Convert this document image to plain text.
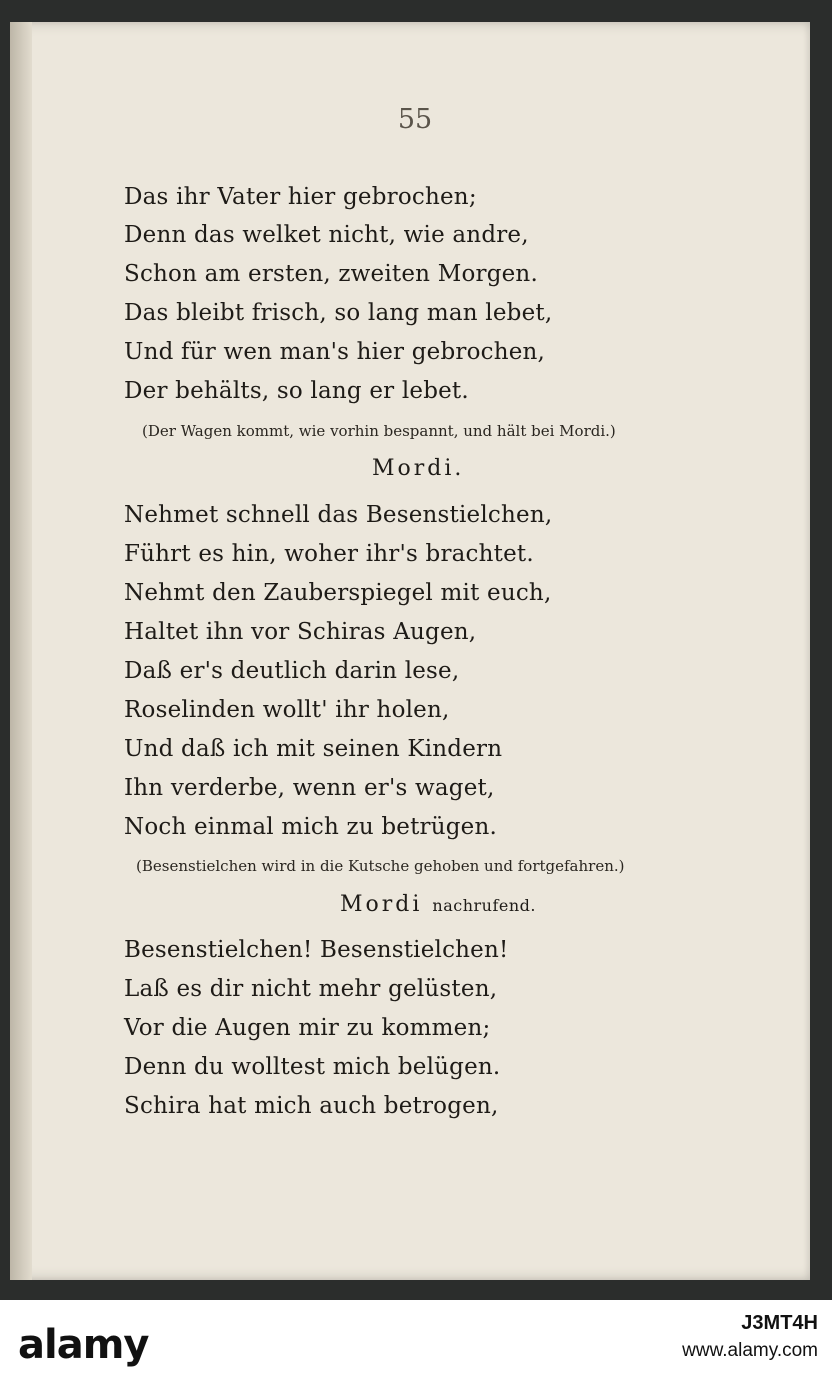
55
Das ihr Vater hier gebrochen;
Denn das welket nicht, wie andre,
Schon am ersten, zweiten Morgen.
Das bleibt frisch, so lang man lebet,
Und für wen man's hier gebrochen,
Der behälts, so lang er lebet.
(Der Wagen kommt, wie vorhin bespannt, und hält bei Mordi.)
Mordi.
Nehmet schnell das Besenstielchen,
Führt es hin, woher ihr's brachtet.
Nehmt den Zauberspiegel mit euch,
Haltet ihn vor Schiras Augen,
Daß er's deutlich darin lese,
Roselinden wollt' ihr holen,
Und daß ich mit seinen Kindern
Ihn verderbe, wenn er's waget,
Noch einmal mich zu betrügen.
(Besenstielchen wird in die Kutsche gehoben und fortgefahren.)
Mordi nachrufend.
Besenstielchen! Besenstielchen!
Laß es dir nicht mehr gelüsten,
Vor die Augen mir zu kommen;
Denn du wolltest mich belügen.
Schira hat mich auch betrogen,
alamy	J3MT4H
www.alamy.com
